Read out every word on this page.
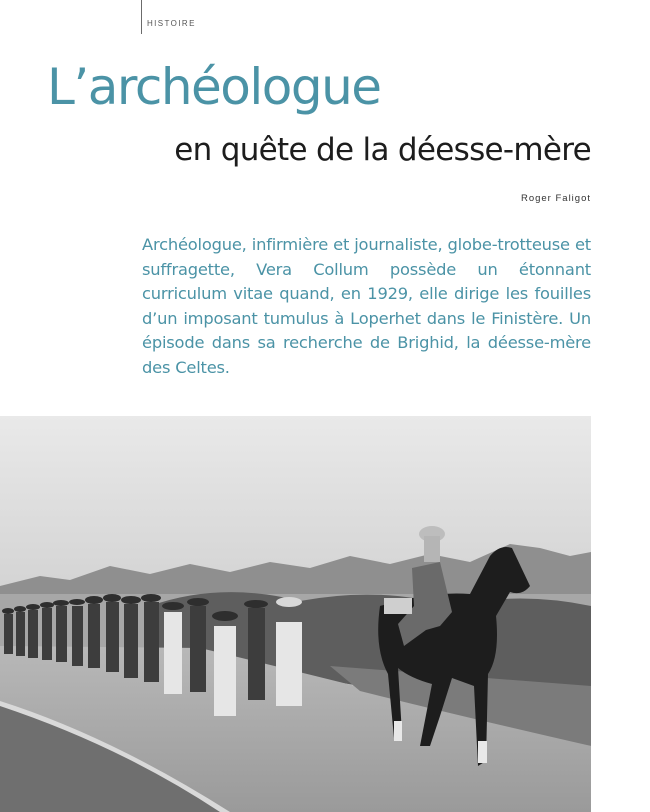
HISTOIRE
L’archéologue
en quête de la déesse-mère
Roger Faligot

Archéologue, infirmière et journaliste, globe-trotteuse et suffragette, Vera Collum possède un étonnant curriculum vitae quand, en 1929, elle dirige les fouilles d’un imposant tumulus à Loperhet dans le Finistère. Un épisode dans sa recherche de Brighid, la déesse-mère des Celtes.
